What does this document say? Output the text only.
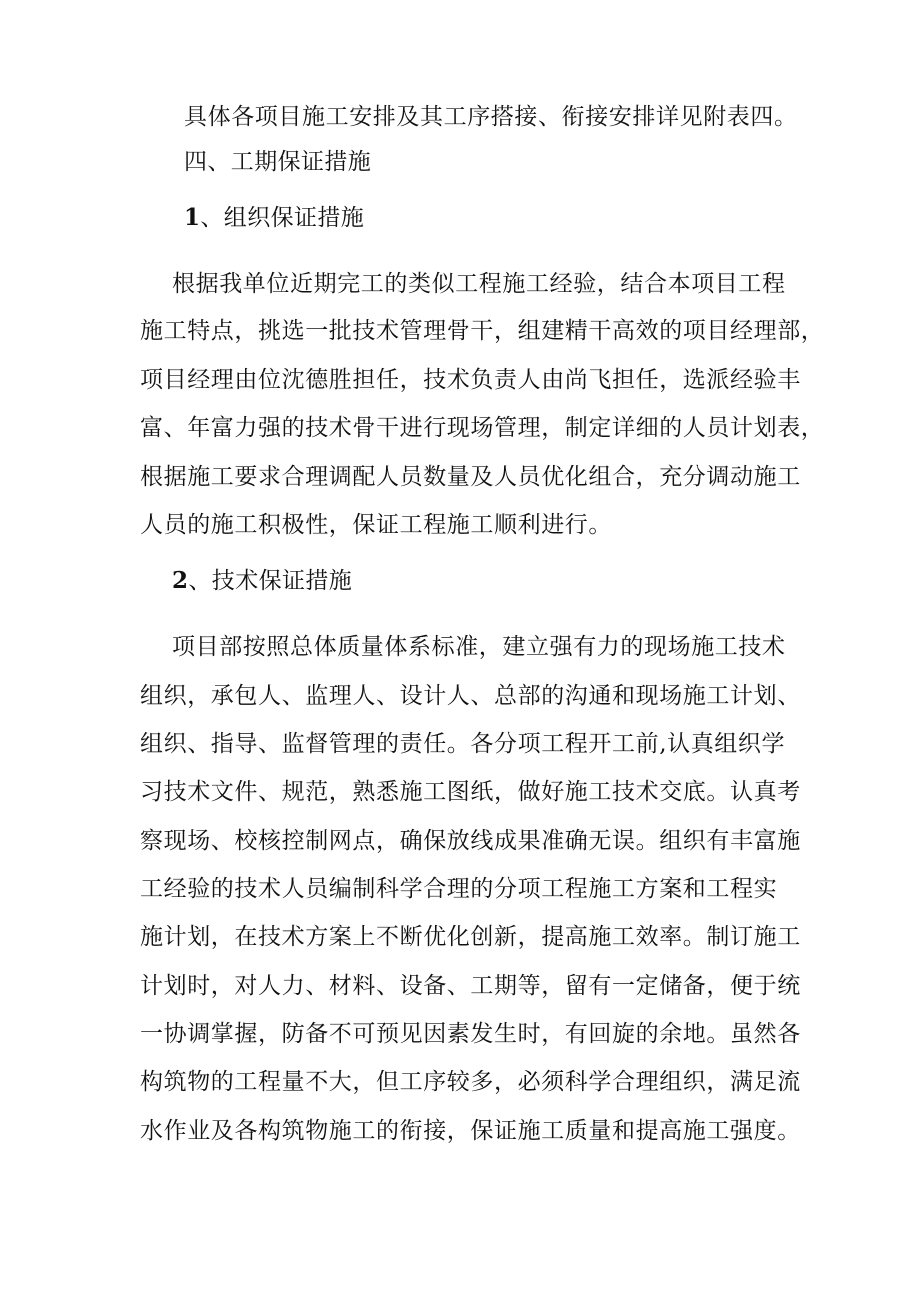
具体各项目施工安排及其工序搭接、衔接安排详见附表四。
四、工期保证措施
1、组织保证措施
根据我单位近期完工的类似工程施工经验，结合本项目工程
施工特点，挑选一批技术管理骨干，组建精干高效的项目经理部，
项目经理由位沈德胜担任，技术负责人由尚飞担任，选派经验丰
富、年富力强的技术骨干进行现场管理，制定详细的人员计划表，
根据施工要求合理调配人员数量及人员优化组合，充分调动施工
人员的施工积极性，保证工程施工顺利进行。
2、技术保证措施
项目部按照总体质量体系标准，建立强有力的现场施工技术
组织，承包人、监理人、设计人、总部的沟通和现场施工计划、
组织、指导、监督管理的责任。各分项工程开工前,认真组织学
习技术文件、规范，熟悉施工图纸，做好施工技术交底。认真考
察现场、校核控制网点，确保放线成果准确无误。组织有丰富施
工经验的技术人员编制科学合理的分项工程施工方案和工程实
施计划，在技术方案上不断优化创新，提高施工效率。制订施工
计划时，对人力、材料、设备、工期等，留有一定储备，便于统
一协调掌握，防备不可预见因素发生时，有回旋的余地。虽然各
构筑物的工程量不大，但工序较多，必须科学合理组织，满足流
水作业及各构筑物施工的衔接，保证施工质量和提高施工强度。
